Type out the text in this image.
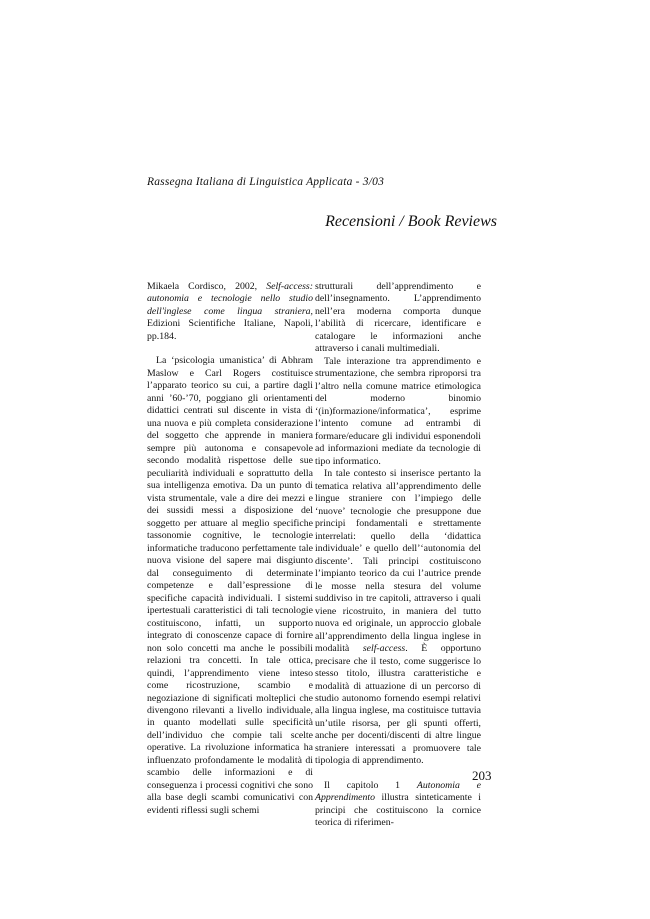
Rassegna Italiana di Linguistica Applicata - 3/03
Recensioni / Book Reviews

Mikaela Cordisco, 2002, Self-access: autonomia e tecnologie nello studio dell'inglese come lingua straniera, Edizioni Scientifiche Italiane, Napoli, pp.184.

La ‘psicologia umanistica’ di Abhram Maslow e Carl Rogers costituisce l’apparato teorico su cui, a partire dagli anni ’60-’70, poggiano gli orientamenti didattici centrati sul discente in vista di una nuova e più completa considerazione del soggetto che apprende in maniera sempre più autonoma e consapevole secondo modalità rispettose delle sue peculiarità individuali e soprattutto della sua intelligenza emotiva. Da un punto di vista strumentale, vale a dire dei mezzi e dei sussidi messi a disposizione del soggetto per attuare al meglio specifiche tassonomie cognitive, le tecnologie informatiche traducono perfettamente tale nuova visione del sapere mai disgiunto dal conseguimento di determinate competenze e dall’espressione di specifiche capacità individuali. I sistemi ipertestuali caratteristici di tali tecnologie costituiscono, infatti, un supporto integrato di conoscenze capace di fornire non solo concetti ma anche le possibili relazioni tra concetti. In tale ottica, quindi, l’apprendimento viene inteso come ricostruzione, scambio e negoziazione di significati molteplici che divengono rilevanti a livello individuale, in quanto modellati sulle specificità dell’individuo che compie tali scelte operative. La rivoluzione informatica ha influenzato profondamente le modalità di scambio delle informazioni e di conseguenza i processi cognitivi che sono alla base degli scambi comunicativi con evidenti riflessi sugli schemi

strutturali dell’apprendimento e dell’insegnamento. L’apprendimento nell’era moderna comporta dunque l’abilità di ricercare, identificare e catalogare le informazioni anche attraverso i canali multimediali.

Tale interazione tra apprendimento e strumentazione, che sembra riproporsi tra l’altro nella comune matrice etimologica del moderno binomio ‘(in)formazione/informatica’, esprime l’intento comune ad entrambi di formare/educare gli individui esponendoli ad informazioni mediate da tecnologie di tipo informatico.

In tale contesto si inserisce pertanto la tematica relativa all’apprendimento delle lingue straniere con l’impiego delle ‘nuove’ tecnologie che presuppone due principi fondamentali e strettamente interrelati: quello della ‘didattica individuale’ e quello dell’‘autonomia del discente’. Tali principi costituiscono l’impianto teorico da cui l’autrice prende le mosse nella stesura del volume suddiviso in tre capitoli, attraverso i quali viene ricostruito, in maniera del tutto nuova ed originale, un approccio globale all’apprendimento della lingua inglese in modalità self-access. È opportuno precisare che il testo, come suggerisce lo stesso titolo, illustra caratteristiche e modalità di attuazione di un percorso di studio autonomo fornendo esempi relativi alla lingua inglese, ma costituisce tuttavia un’utile risorsa, per gli spunti offerti, anche per docenti/discenti di altre lingue straniere interessati a promuovere tale tipologia di apprendimento.

Il capitolo 1 Autonomia e Apprendimento illustra sinteticamente i principi che costituiscono la cornice teorica di riferimen-

203
